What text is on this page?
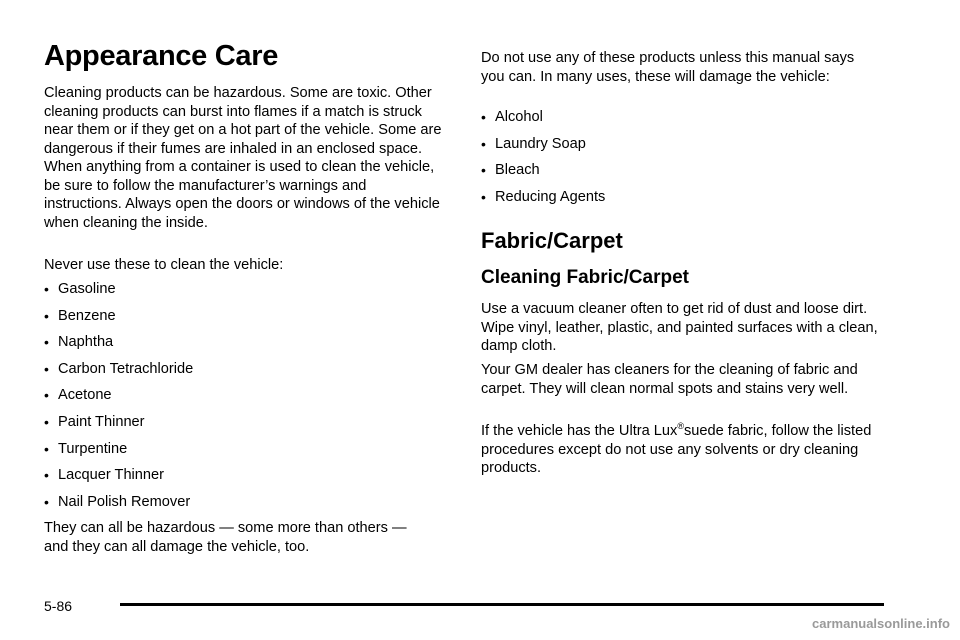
Appearance Care

Cleaning products can be hazardous. Some are toxic. Other cleaning products can burst into flames if a match is struck near them or if they get on a hot part of the vehicle. Some are dangerous if their fumes are inhaled in an enclosed space. When anything from a container is used to clean the vehicle, be sure to follow the manufacturer’s warnings and instructions. Always open the doors or windows of the vehicle when cleaning the inside.

Never use these to clean the vehicle:

• Gasoline
• Benzene
• Naphtha
• Carbon Tetrachloride
• Acetone
• Paint Thinner
• Turpentine
• Lacquer Thinner
• Nail Polish Remover

They can all be hazardous — some more than others — and they can all damage the vehicle, too.

Do not use any of these products unless this manual says you can. In many uses, these will damage the vehicle:

• Alcohol
• Laundry Soap
• Bleach
• Reducing Agents
Fabric/Carpet
Cleaning Fabric/Carpet

Use a vacuum cleaner often to get rid of dust and loose dirt. Wipe vinyl, leather, plastic, and painted surfaces with a clean, damp cloth.

Your GM dealer has cleaners for the cleaning of fabric and carpet. They will clean normal spots and stains very well.

If the vehicle has the Ultra Lux®suede fabric, follow the listed procedures except do not use any solvents or dry cleaning products.

5-86
carmanualsonline.info
